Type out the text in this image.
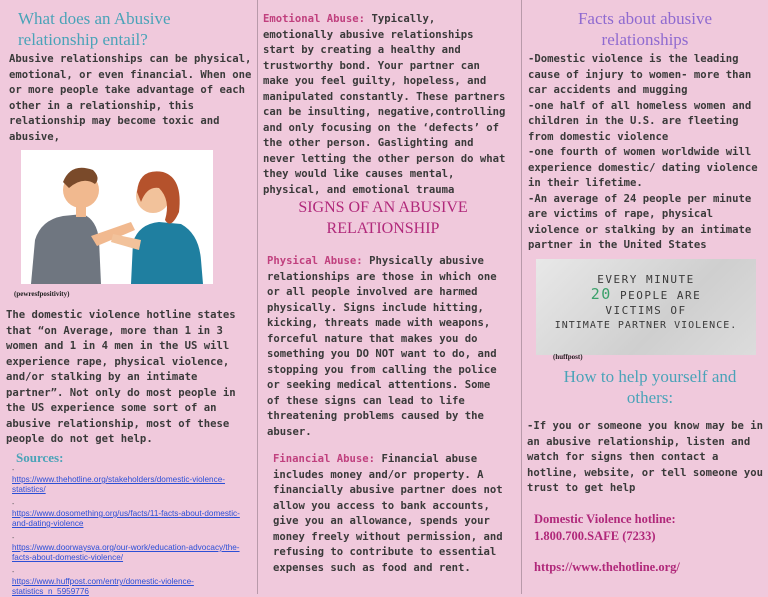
What does an Abusive relationship entail?
Abusive relationships can be physical, emotional, or even financial. When one or more people take advantage of each other in a relationship, this relationship may become toxic and abusive,
(pewresfpositivity)
The domestic violence hotline states that “on Average, more than 1 in 3 women and 1 in 4 men in the US will experience rape, physical violence, and/or stalking by an intimate partner”. Not only do most people in the US experience some sort of an abusive relationship, most of these people do not get help.
Sources:
-
https://www.thehotline.org/stakeholders/domestic-violence-statistics/
-
https://www.dosomething.org/us/facts/11-facts-about-domestic-and-dating-violence
-
https://www.doorwaysva.org/our-work/education-advocacy/the-facts-about-domestic-violence/
-
https://www.huffpost.com/entry/domestic-violence-statistics_n_5959776
Emotional Abuse: Typically, emotionally abusive relationships start by creating a healthy and trustworthy bond. Your partner can make you feel guilty, hopeless, and manipulated constantly. These partners can be insulting, negative,controlling and only focusing on the ‘defects’ of the other person. Gaslighting and never letting the other person do what they would like causes mental, physical, and emotional trauma
SIGNS OF AN ABUSIVE RELATIONSHIP
Physical Abuse: Physically abusive relationships are those in which one or all people involved are harmed physically. Signs include hitting, kicking, threats made with weapons, forceful nature that makes you do something you DO NOT want to do, and stopping you from calling the police or seeking medical attentions. Some of these signs can lead to life threatening problems caused by the abuser.
Financial Abuse: Financial abuse includes money and/or property. A financially abusive partner does not allow you access to bank accounts, give you an allowance, spends your money freely without permission, and refusing to contribute to essential expenses such as food and rent.
Facts about abusive relationships
-Domestic violence is the leading cause of injury to women- more than car accidents and mugging
-one half of all homeless women and children in the U.S. are fleeting from domestic violence
-one fourth of women worldwide will experience domestic/ dating violence in their lifetime.
-An average of 24 people per minute are victims of rape, physical violence or stalking by an intimate partner in the United States
EVERY MINUTE
20 PEOPLE ARE
VICTIMS OF
INTIMATE PARTNER VIOLENCE.
(huffpost)
How to help yourself and others:
-If you or someone you know may be in an abusive relationship, listen and watch for signs then contact a hotline, website, or tell someone you trust to get help
Domestic Violence hotline:
1.800.700.SAFE (7233)
https://www.thehotline.org/
